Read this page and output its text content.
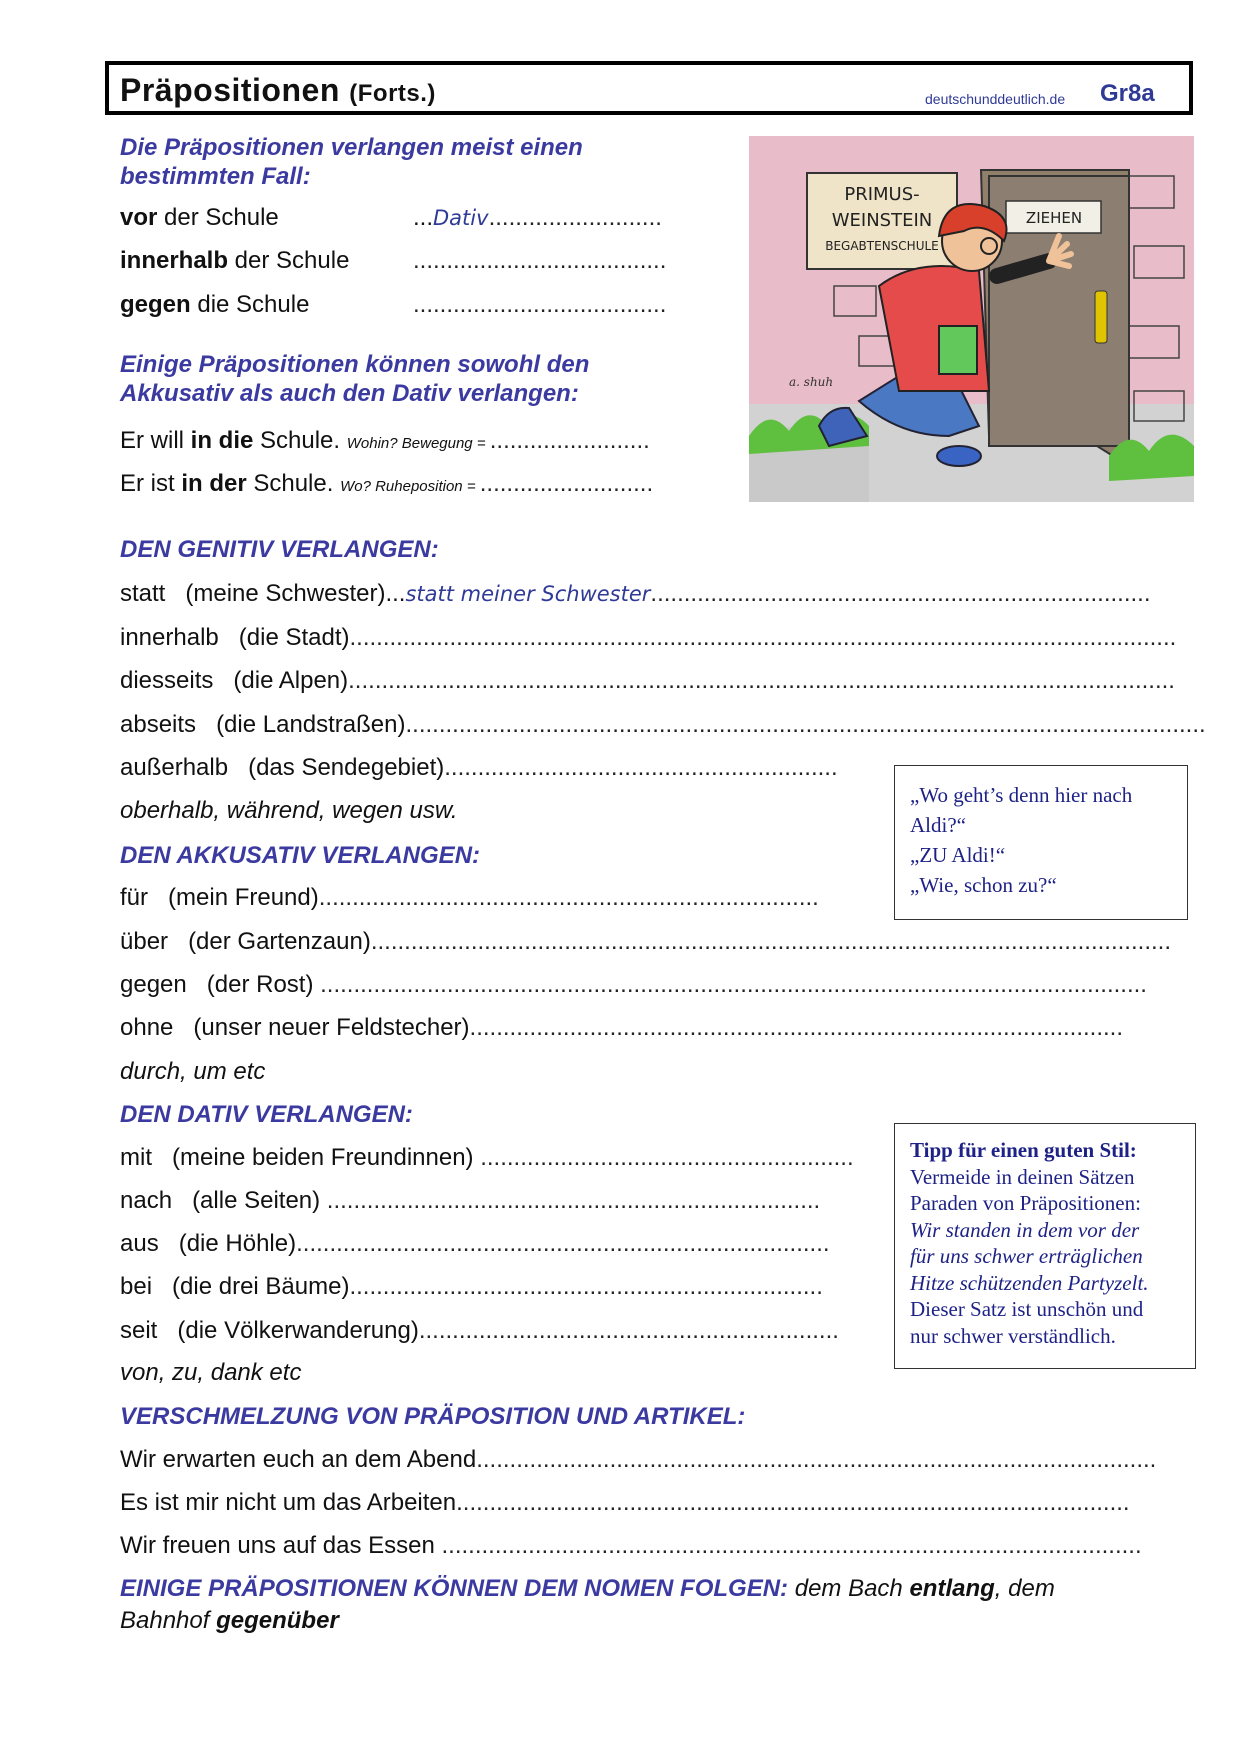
Präpositionen (Forts.)	deutschunddeutlich.de Gr8a
Die Präpositionen verlangen meist einen
bestimmten Fall:
vor der Schule	...Dativ..........................
innerhalb der Schule	......................................
gegen die Schule	......................................
Einige Präpositionen können sowohl den
Akkusativ als auch den Dativ verlangen:
Er will in die Schule. Wohin? Bewegung = ........................
Er ist in der Schule. Wo? Ruheposition = ..........................
ZIEHEN
PRIMUS-
WEINSTEIN
BEGABTENSCHULE
a. shuh
DEN GENITIV VERLANGEN:
statt (meine Schwester)...statt meiner Schwester...........................................................................
innerhalb (die Stadt)............................................................................................................................
diesseits (die Alpen)............................................................................................................................
abseits (die Landstraßen)........................................................................................................................
außerhalb (das Sendegebiet)...........................................................
oberhalb, während, wegen usw.
„Wo geht’s denn hier nach
Aldi?“
„ZU Aldi!“
„Wie, schon zu?“
DEN AKKUSATIV VERLANGEN:
für (mein Freund)...........................................................................
über (der Gartenzaun)........................................................................................................................
gegen (der Rost) ............................................................................................................................
ohne (unser neuer Feldstecher)..................................................................................................
durch, um etc
DEN DATIV VERLANGEN:
mit (meine beiden Freundinnen) ........................................................
nach (alle Seiten) ..........................................................................
aus (die Höhle)................................................................................
bei (die drei Bäume).......................................................................
seit (die Völkerwanderung)...............................................................
von, zu, dank etc
Tipp für einen guten Stil:
Vermeide in deinen Sätzen
Paraden von Präpositionen:
Wir standen in dem vor der
für uns schwer erträglichen
Hitze schützenden Partyzelt.
Dieser Satz ist unschön und
nur schwer verständlich.
VERSCHMELZUNG VON PRÄPOSITION UND ARTIKEL:
Wir erwarten euch an dem Abend......................................................................................................
Es ist mir nicht um das Arbeiten.....................................................................................................
Wir freuen uns auf das Essen .........................................................................................................
EINIGE PRÄPOSITIONEN KÖNNEN DEM NOMEN FOLGEN: dem Bach entlang, dem
Bahnhof gegenüber
